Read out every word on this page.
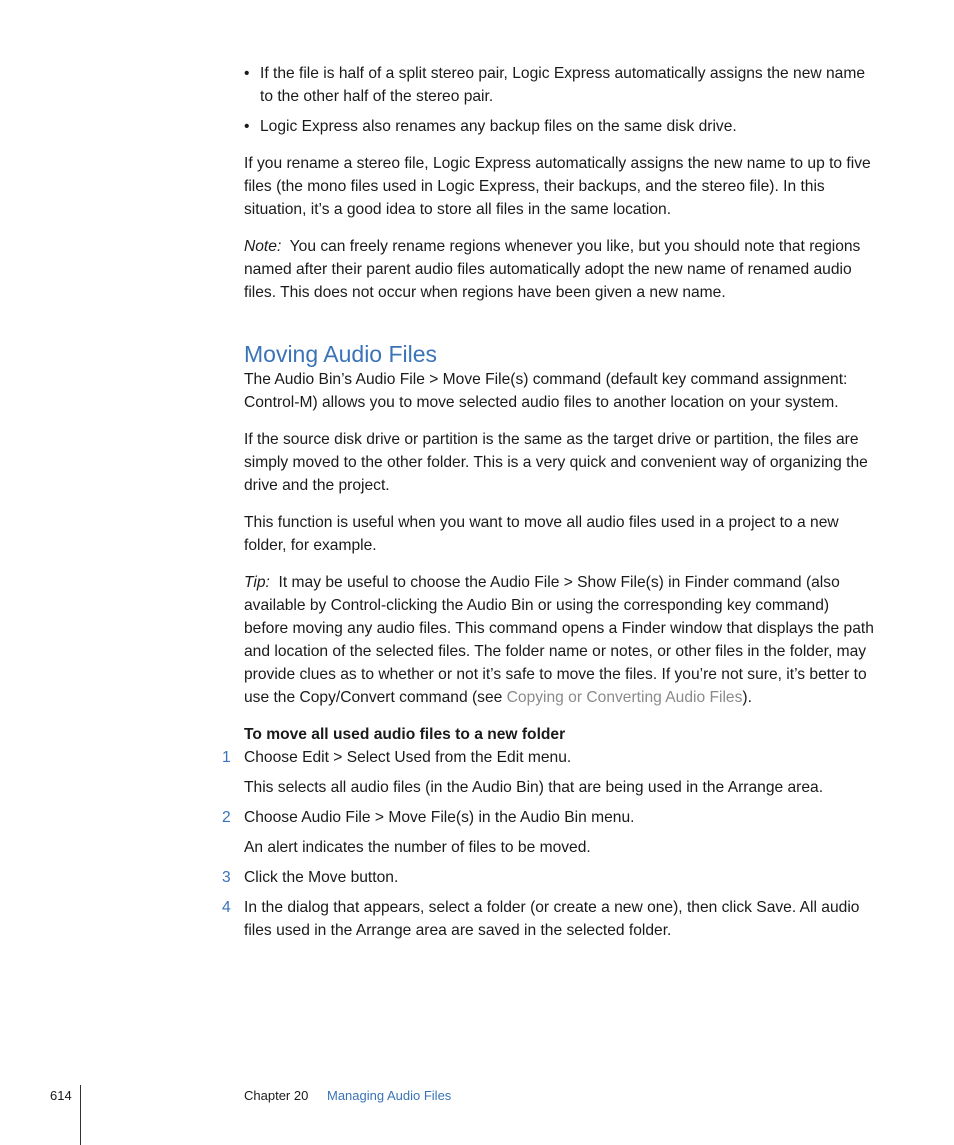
• If the file is half of a split stereo pair, Logic Express automatically assigns the new name to the other half of the stereo pair.
• Logic Express also renames any backup files on the same disk drive.

If you rename a stereo file, Logic Express automatically assigns the new name to up to five files (the mono files used in Logic Express, their backups, and the stereo file). In this situation, it’s a good idea to store all files in the same location.

Note: You can freely rename regions whenever you like, but you should note that regions named after their parent audio files automatically adopt the new name of renamed audio files. This does not occur when regions have been given a new name.

Moving Audio Files

The Audio Bin’s Audio File > Move File(s) command (default key command assignment: Control-M) allows you to move selected audio files to another location on your system.

If the source disk drive or partition is the same as the target drive or partition, the files are simply moved to the other folder. This is a very quick and convenient way of organizing the drive and the project.

This function is useful when you want to move all audio files used in a project to a new folder, for example.

Tip: It may be useful to choose the Audio File > Show File(s) in Finder command (also available by Control-clicking the Audio Bin or using the corresponding key command) before moving any audio files. This command opens a Finder window that displays the path and location of the selected files. The folder name or notes, or other files in the folder, may provide clues as to whether or not it’s safe to move the files. If you’re not sure, it’s better to use the Copy/Convert command (see Copying or Converting Audio Files).

To move all used audio files to a new folder

1 Choose Edit > Select Used from the Edit menu.
This selects all audio files (in the Audio Bin) that are being used in the Arrange area.
2 Choose Audio File > Move File(s) in the Audio Bin menu.
An alert indicates the number of files to be moved.
3 Click the Move button.
4 In the dialog that appears, select a folder (or create a new one), then click Save. All audio files used in the Arrange area are saved in the selected folder.
614	Chapter 20 Managing Audio Files
